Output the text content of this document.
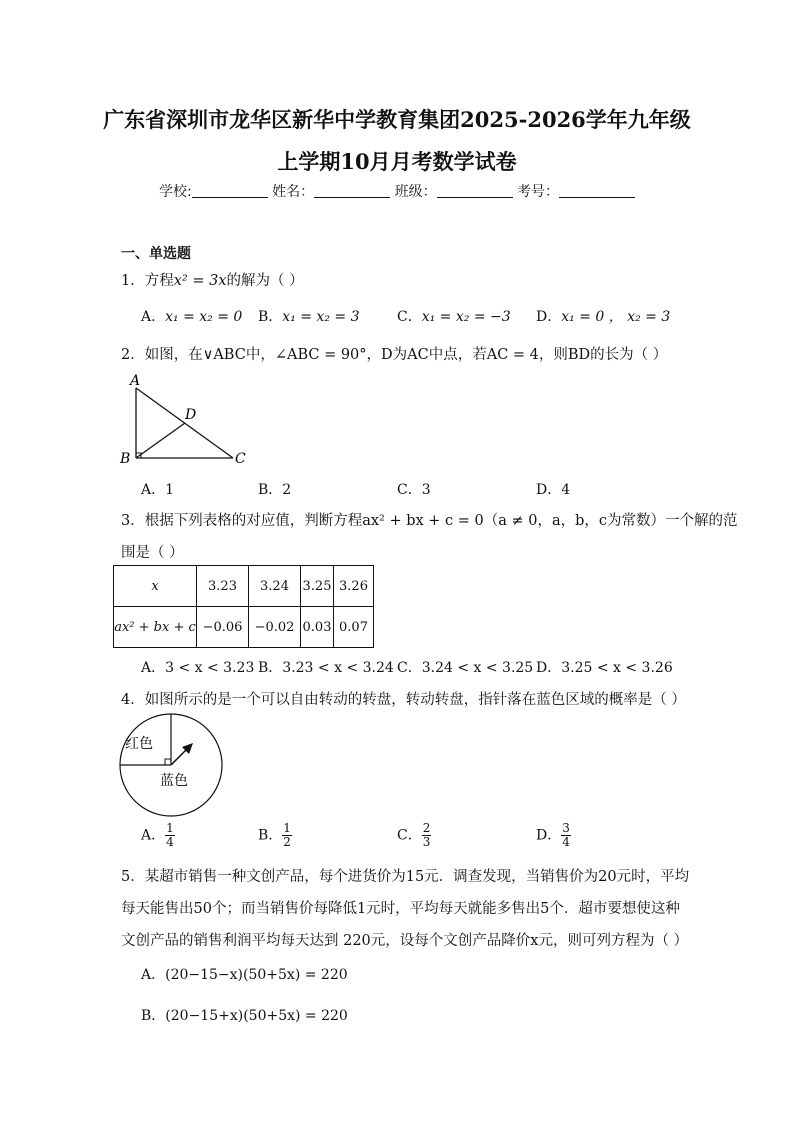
广东省深圳市龙华区新华中学教育集团2025-2026学年九年级
上学期10月月考数学试卷
学校:	姓名：	班级：	考号：
一、单选题
1．方程x² = 3x的解为（ ）
A．x₁ = x₂ = 0 B．x₁ = x₂ = 3	C．x₁ = x₂ = −3 D．x₁ = 0 ， x₂ = 3
2．如图，在∨ABC中，∠ABC = 90°，D为AC中点，若AC = 4，则BD的长为（ ）
A
B	C
D
A．1	B．2	C．3	D．4
3．根据下列表格的对应值，判断方程ax² + bx + c = 0（a ≠ 0，a，b，c为常数）一个解的范
围是（ ）
x	3.23	3.24	3.25	3.26
ax² + bx + c	−0.06	−0.02	0.03	0.07
A．3 < x < 3.23 B．3.23 < x < 3.24 C．3.24 < x < 3.25 D．3.25 < x < 3.26
4．如图所示的是一个可以自由转动的转盘，转动转盘，指针落在蓝色区域的概率是（ ）
红色
蓝色
A． $\frac{1}{4}$	B． $\frac{1}{2}$	C． $\frac{2}{3}$	D． $\frac{3}{4}$
5．某超市销售一种文创产品，每个进货价为15元．调查发现，当销售价为20元时，平均
每天能售出50个；而当销售价每降低1元时，平均每天就能多售出5个．超市要想使这种
文创产品的销售利润平均每天达到 220元，设每个文创产品降价x元，则可列方程为（ ）
A．(20−15−x)(50+5x) = 220
B．(20−15+x)(50+5x) = 220
